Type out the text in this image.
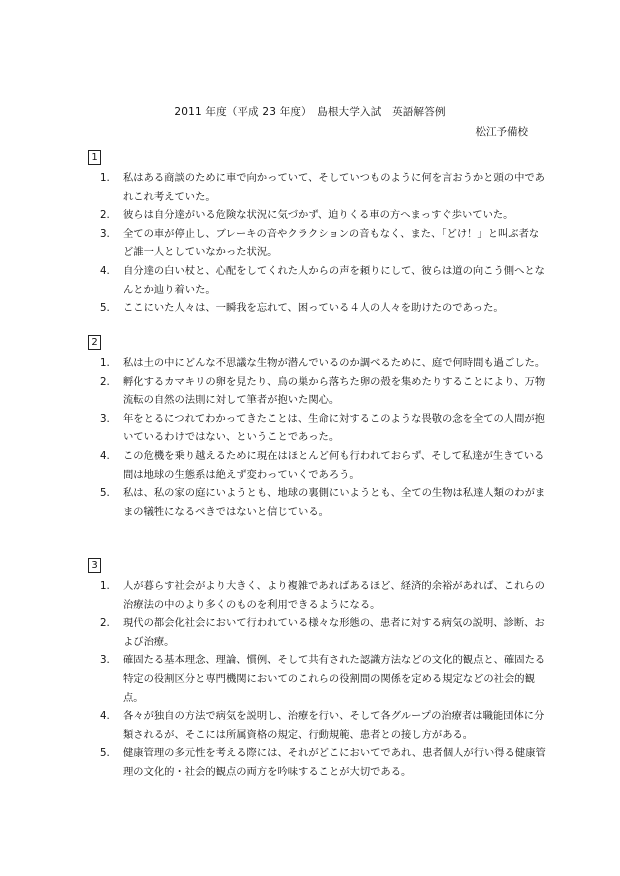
2011 年度（平成 23 年度）　島根大学入試　英語解答例
松江予備校
1
1.	私はある商談のために車で向かっていて、そしていつものように何を言おうかと頭の中であれこれ考えていた。
2.	彼らは自分達がいる危険な状況に気づかず、迫りくる車の方へまっすぐ歩いていた。
3.	全ての車が停止し、ブレーキの音やクラクションの音もなく、また、「どけ！」と叫ぶ者など誰一人としていなかった状況。
4.	自分達の白い杖と、心配をしてくれた人からの声を頼りにして、彼らは道の向こう側へとなんとか辿り着いた。
5.	ここにいた人々は、一瞬我を忘れて、困っている４人の人々を助けたのであった。
2
1.	私は土の中にどんな不思議な生物が潜んでいるのか調べるために、庭で何時間も過ごした。
2.	孵化するカマキリの卵を見たり、鳥の巣から落ちた卵の殻を集めたりすることにより、万物流転の自然の法則に対して筆者が抱いた関心。
3.	年をとるにつれてわかってきたことは、生命に対するこのような畏敬の念を全ての人間が抱いているわけではない、ということであった。
4.	この危機を乗り越えるために現在はほとんど何も行われておらず、そして私達が生きている間は地球の生態系は絶えず変わっていくであろう。
5.	私は、私の家の庭にいようとも、地球の裏側にいようとも、全ての生物は私達人類のわがままの犠牲になるべきではないと信じている。
3
1.	人が暮らす社会がより大きく、より複雑であればあるほど、経済的余裕があれば、これらの治療法の中のより多くのものを利用できるようになる。
2.	現代の都会化社会において行われている様々な形態の、患者に対する病気の説明、診断、および治療。
3.	確固たる基本理念、理論、慣例、そして共有された認識方法などの文化的観点と、確固たる特定の役割区分と専門機関においてのこれらの役割間の関係を定める規定などの社会的観点。
4.	各々が独自の方法で病気を説明し、治療を行い、そして各グループの治療者は職能団体に分類されるが、そこには所属資格の規定、行動規範、患者との接し方がある。
5.	健康管理の多元性を考える際には、それがどこにおいてであれ、患者個人が行い得る健康管理の文化的・社会的観点の両方を吟味することが大切である。
